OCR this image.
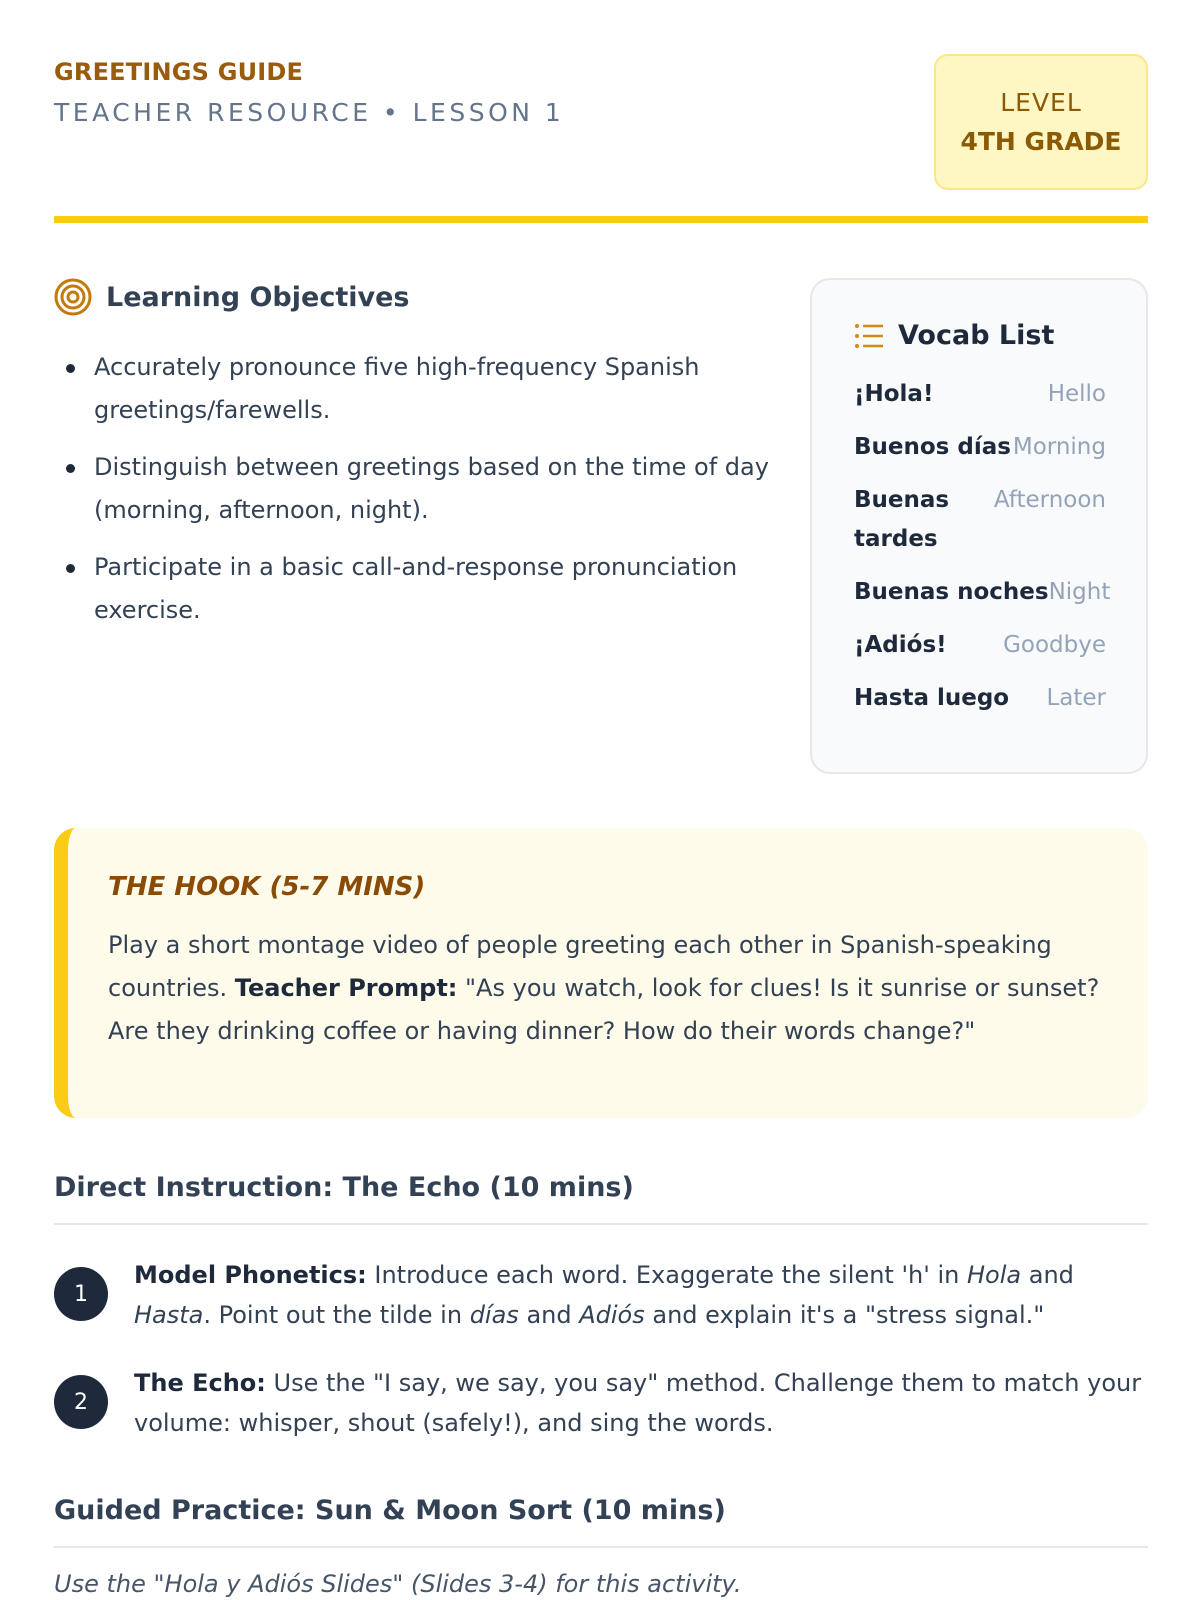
GREETINGS GUIDE
TEACHER RESOURCE • LESSON 1	LEVEL
4TH GRADE
Learning Objectives
Accurately pronounce five high-frequency Spanish greetings/farewells.
Distinguish between greetings based on the time of day (morning, afternoon, night).
Participate in a basic call-and-response pronunciation exercise.
Vocab List
¡Hola!	Hello
Buenos días Morning
Buenas tardes
Afternoon
Buenas noches Night
¡Adiós! Goodbye
Hasta luego Later
THE HOOK (5-7 MINS)

Play a short montage video of people greeting each other in Spanish-speaking countries. Teacher Prompt: "As you watch, look for clues! Is it sunrise or sunset? Are they drinking coffee or having dinner? How do their words change?"

Direct Instruction: The Echo (10 mins)
1

Model Phonetics: Introduce each word. Exaggerate the silent 'h' in Hola and Hasta. Point out the tilde in días and Adiós and explain it's a "stress signal."

2

The Echo: Use the "I say, we say, you say" method. Challenge them to match your volume: whisper, shout (safely!), and sing the words.

Guided Practice: Sun & Moon Sort (10 mins)

Use the "Hola y Adiós Slides" (Slides 3-4) for this activity.
